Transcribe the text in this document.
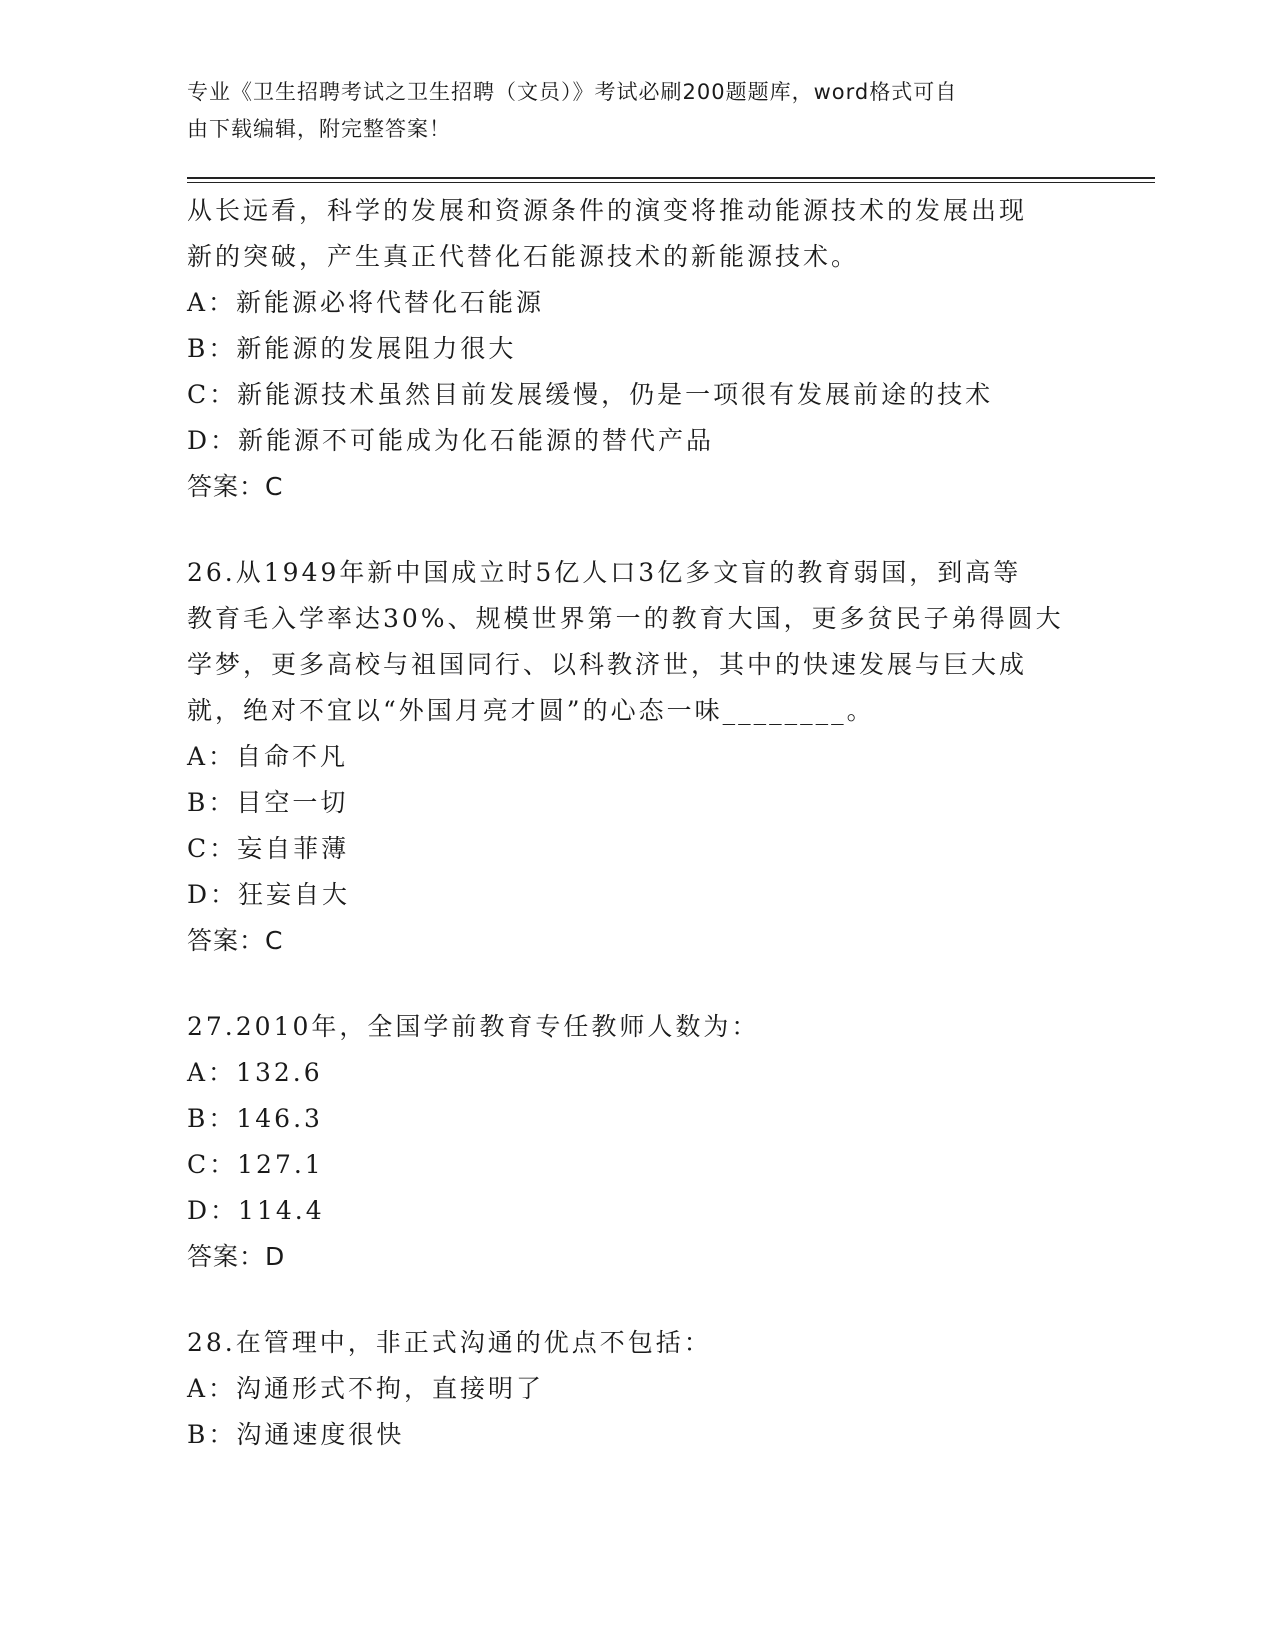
专业《卫生招聘考试之卫生招聘（文员）》考试必刷200题题库，word格式可自
由下载编辑，附完整答案！
从长远看，科学的发展和资源条件的演变将推动能源技术的发展出现
新的突破，产生真正代替化石能源技术的新能源技术。
A：新能源必将代替化石能源
B：新能源的发展阻力很大
C：新能源技术虽然目前发展缓慢，仍是一项很有发展前途的技术
D：新能源不可能成为化石能源的替代产品
答案：C
26.从1949年新中国成立时5亿人口3亿多文盲的教育弱国，到高等
教育毛入学率达30%、规模世界第一的教育大国，更多贫民子弟得圆大
学梦，更多高校与祖国同行、以科教济世，其中的快速发展与巨大成
就，绝对不宜以“外国月亮才圆”的心态一味________。
A：自命不凡
B：目空一切
C：妄自菲薄
D：狂妄自大
答案：C
27.2010年，全国学前教育专任教师人数为：
A：132.6
B：146.3
C：127.1
D：114.4
答案：D
28.在管理中，非正式沟通的优点不包括：
A：沟通形式不拘，直接明了
B：沟通速度很快
